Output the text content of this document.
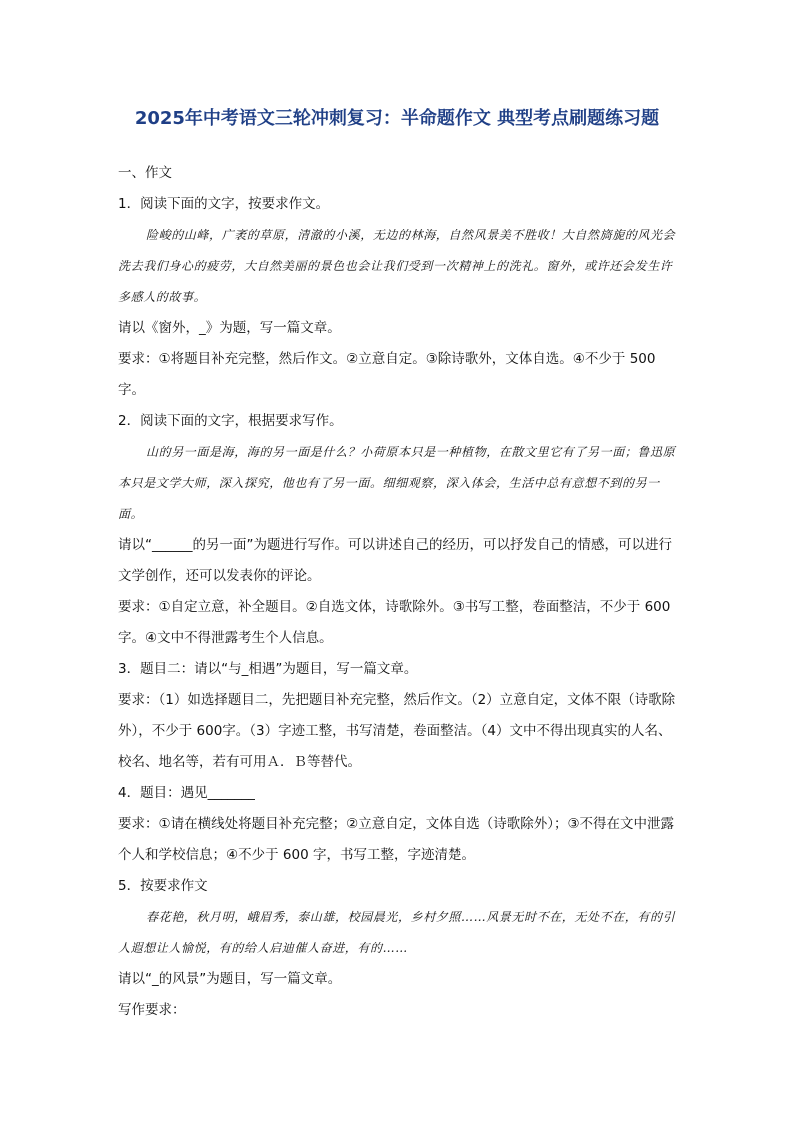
2025年中考语文三轮冲刺复习：半命题作文 典型考点刷题练习题

一、作文

1．阅读下面的文字，按要求作文。

险峻的山峰，广袤的草原，清澈的小溪，无边的林海，自然风景美不胜收！大自然旖旎的风光会洗去我们身心的疲劳，大自然美丽的景色也会让我们受到一次精神上的洗礼。窗外，或许还会发生许多感人的故事。

请以《窗外，_》为题，写一篇文章。

要求：①将题目补充完整，然后作文。②立意自定。③除诗歌外，文体自选。④不少于 500字。

2．阅读下面的文字，根据要求写作。

山的另一面是海，海的另一面是什么？小荷原本只是一种植物，在散文里它有了另一面；鲁迅原本只是文学大师，深入探究，他也有了另一面。细细观察，深入体会，生活中总有意想不到的另一面。

请以“______的另一面”为题进行写作。可以讲述自己的经历，可以抒发自己的情感，可以进行文学创作，还可以发表你的评论。

要求：①自定立意，补全题目。②自选文体，诗歌除外。③书写工整，卷面整洁，不少于 600 字。④文中不得泄露考生个人信息。

3．题目二：请以“与_相遇”为题目，写一篇文章。

要求：（1）如选择题目二，先把题目补充完整，然后作文。（2）立意自定，文体不限（诗歌除外），不少于 600字。（3）字迹工整，书写清楚，卷面整洁。（4）文中不得出现真实的人名、校名、地名等，若有可用Ａ．Ｂ等替代。

4．题目：遇见_______

要求：①请在横线处将题目补充完整；②立意自定，文体自选（诗歌除外）；③不得在文中泄露个人和学校信息；④不少于 600 字，书写工整，字迹清楚。

5．按要求作文

春花艳，秋月明，峨眉秀，泰山雄，校园晨光，乡村夕照……风景无时不在，无处不在，有的引人遐想让人愉悦，有的给人启迪催人奋进，有的……

请以“_的风景”为题目，写一篇文章。

写作要求：
